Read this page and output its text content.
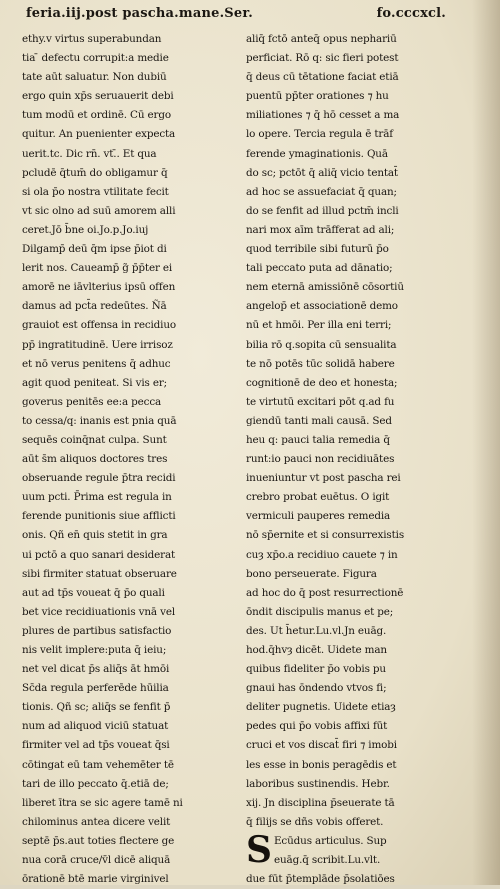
feria.iij.post pascha.mane.Ser.	fo.cccxcl.
ethy.v virtus superabundan
tia ̄ defectu corrupit:a medie
tate aūt saluatur. Non dubiū
ergo quin xp̄s seruauerit debi
tum modū et ordinē. Cū ergo
quitur. An puenienter expecta
uerit.tc. Dic rn̄. vt.̄. Et qua
pcludē q̄tum̄ do obligamur q̄
si ola p̄o nostra vtilitate fecit
vt sic olno ad suū amorem alli
ceret.Jō b̄ne oi.Jo.p.Jo.iuj
Dilgamp̄ deū q̄m ipse p̄iot di
lerit nos. Caueamp̄ g̃ p̄p̄ter ei
amorē ne iāvlterius ipsū offen
damus ad pct̄a redeūtes. Ñā
grauiot est offensa in recidiuo
pp̄ ingratitudinē. Uere irrisoz
et nō verus penitens q̄ adhuc
agit quod peniteat. Si vis er;
goverus penitēs ee:a pecca
to cessa/q: inanis est pnia quā
sequēs coinq̄nat culpa. Sunt
aūt s̄m aliquos doctores tres
obseruande regule p̄tra recidi
uum pcti. P̄rima est regula in
ferende punitionis siue afflicti
onis. Qñ en̄ quis stetit in gra
ui pctō a quo sanari desiderat
sibi firmiter statuat obseruare
aut ad tp̄s voueat q̄ p̄o quali
bet vice recidiuationis vnā vel
plures de partibus satisfactio
nis velit implere:puta q̄ ieiu;
net vel dicat p̄s aliq̄s āt hmōi
Sc̄da regula perferēde hūilia
tionis. Qñ sc; aliq̄s se fenfit p̄
num ad aliquod viciū statuat
firmiter vel ad tp̄s voueat q̄si
cōtingat eū tam vehemēter tē
tari de illo peccato q̄.etiā de;
liberet ītra se sic agere tamē ni
chilominus antea dicere velit
septē p̄s.aut toties flectere ge
nua corā cruce/v̄l dicē aliquā
ōrationē btē marie virginivel
aliq̄ fctō anteq̄ opus nephariū
perficiat. Rō q: sic fieri potest
q̄ deus cū tētatione faciat etiā
puentū pp̄ter orationes ⁊ hu
miliationes ⁊ q̄ hō cesset a ma
lo opere. Tercia regula ē trāf
ferende ymaginationis. Quā
do sc; pctōt q̄ aliq̄ vicio tentat̄
ad hoc se assuefaciat q̄ quan;
do se fenfit ad illud pctm̄ incli
nari mox aīm trāfferat ad ali;
quod terribile sibi futurū p̄o
tali peccato puta ad dānatio;
nem eternā amissiōnē cōsortiū
angelop̄ et associationē demo
nū et hmōi. Per illa eni terri;
bilia rō q.sopita cū sensualita
te nō potēs tūc solidā habere
cognitionē de deo et honesta;
te virtutū excitari pōt q.ad fu
giendū tanti mali causā. Sed
heu q: pauci talia remedia q̄
runt:io pauci non recidiuātes
inueniuntur vt post pascha rei
crebro probat euētus. O igit
vermiculi pauperes remedia
nō sp̄ernite et si consurrexistis
cuȝ xp̄o.a recidiuo cauete ⁊ in
bono perseuerate. Figura
ad hoc do q̄ post resurrectionē
ōndit discipulis manus et pe;
des. Ut h̄etur.Lu.vl.Jn euāg.
hod.q̄hvȝ dicēt. Uidete man
quibus fideliter p̄o vobis pu
gnaui has ōndendo vtvos fi;
deliter pugnetis. Uidete etiaȝ
pedes qui p̄o vobis affixi fūt
cruci et vos discat̄ firi ⁊ imobi
les esse in bonis peragēdis et
laboribus sustinendis. Hebr.
xij. Jn disciplina p̄seuerate tā
q̄ filijs se dñs vobis offeret.
S Ecūdus articulus. Sup
euāg.q̄ scribit.Lu.vlt.
due fūt p̄templāde p̄solatiōes
